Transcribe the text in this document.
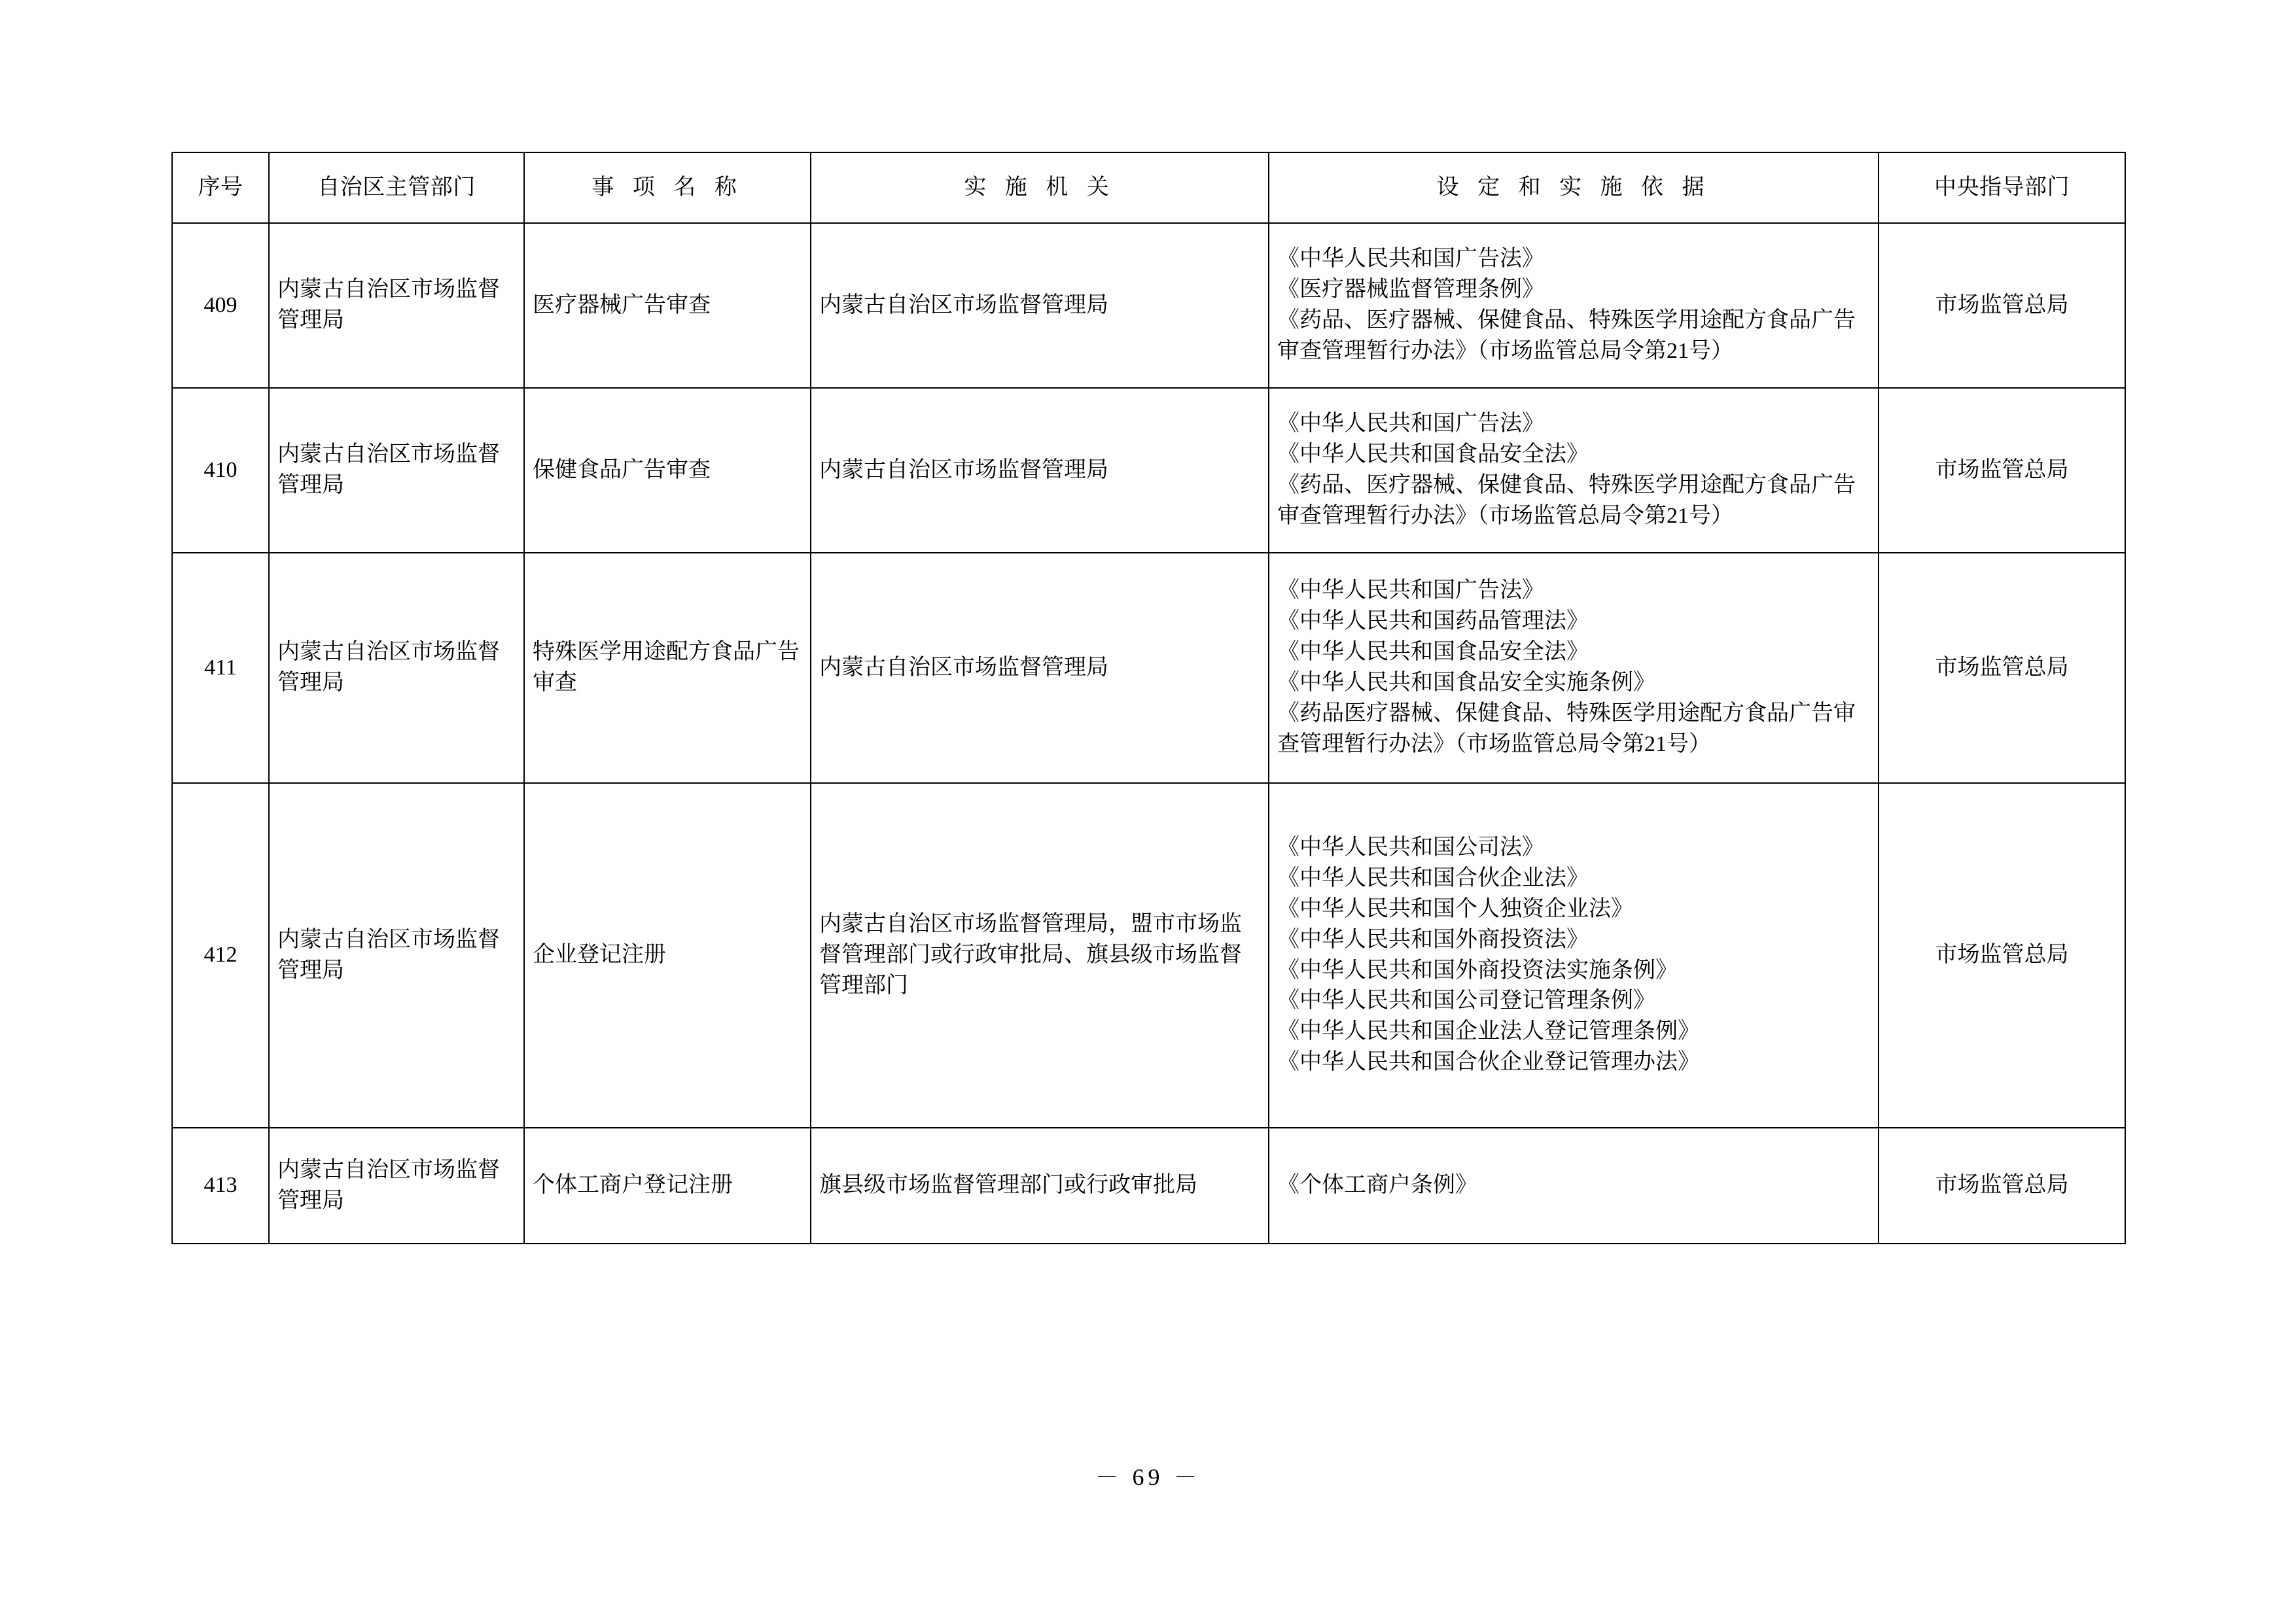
序号	自治区主管部门	事 项 名 称	实 施 机 关	设 定 和 实 施 依 据	中央指导部门
409	内蒙古自治区市场监督管理局	医疗器械广告审查	内蒙古自治区市场监督管理局	《中华人民共和国广告法》
《医疗器械监督管理条例》
《药品、医疗器械、保健食品、特殊医学用途配方食品广告审查管理暂行办法》（市场监管总局令第21号）	市场监管总局
410	内蒙古自治区市场监督管理局	保健食品广告审查	内蒙古自治区市场监督管理局	《中华人民共和国广告法》
《中华人民共和国食品安全法》
《药品、医疗器械、保健食品、特殊医学用途配方食品广告审查管理暂行办法》（市场监管总局令第21号）	市场监管总局
411	内蒙古自治区市场监督管理局	特殊医学用途配方食品广告审查	内蒙古自治区市场监督管理局	《中华人民共和国广告法》
《中华人民共和国药品管理法》
《中华人民共和国食品安全法》
《中华人民共和国食品安全实施条例》
《药品医疗器械、保健食品、特殊医学用途配方食品广告审查管理暂行办法》（市场监管总局令第21号）	市场监管总局
412	内蒙古自治区市场监督管理局	企业登记注册	内蒙古自治区市场监督管理局，盟市市场监督管理部门或行政审批局、旗县级市场监督管理部门	
《中华人民共和国公司法》
《中华人民共和国合伙企业法》
《中华人民共和国个人独资企业法》
《中华人民共和国外商投资法》
《中华人民共和国外商投资法实施条例》
《中华人民共和国公司登记管理条例》
《中华人民共和国企业法人登记管理条例》
《中华人民共和国合伙企业登记管理办法》
	市场监管总局
413	内蒙古自治区市场监督管理局	个体工商户登记注册	旗县级市场监督管理部门或行政审批局	《个体工商户条例》	市场监管总局
－ 69 －
